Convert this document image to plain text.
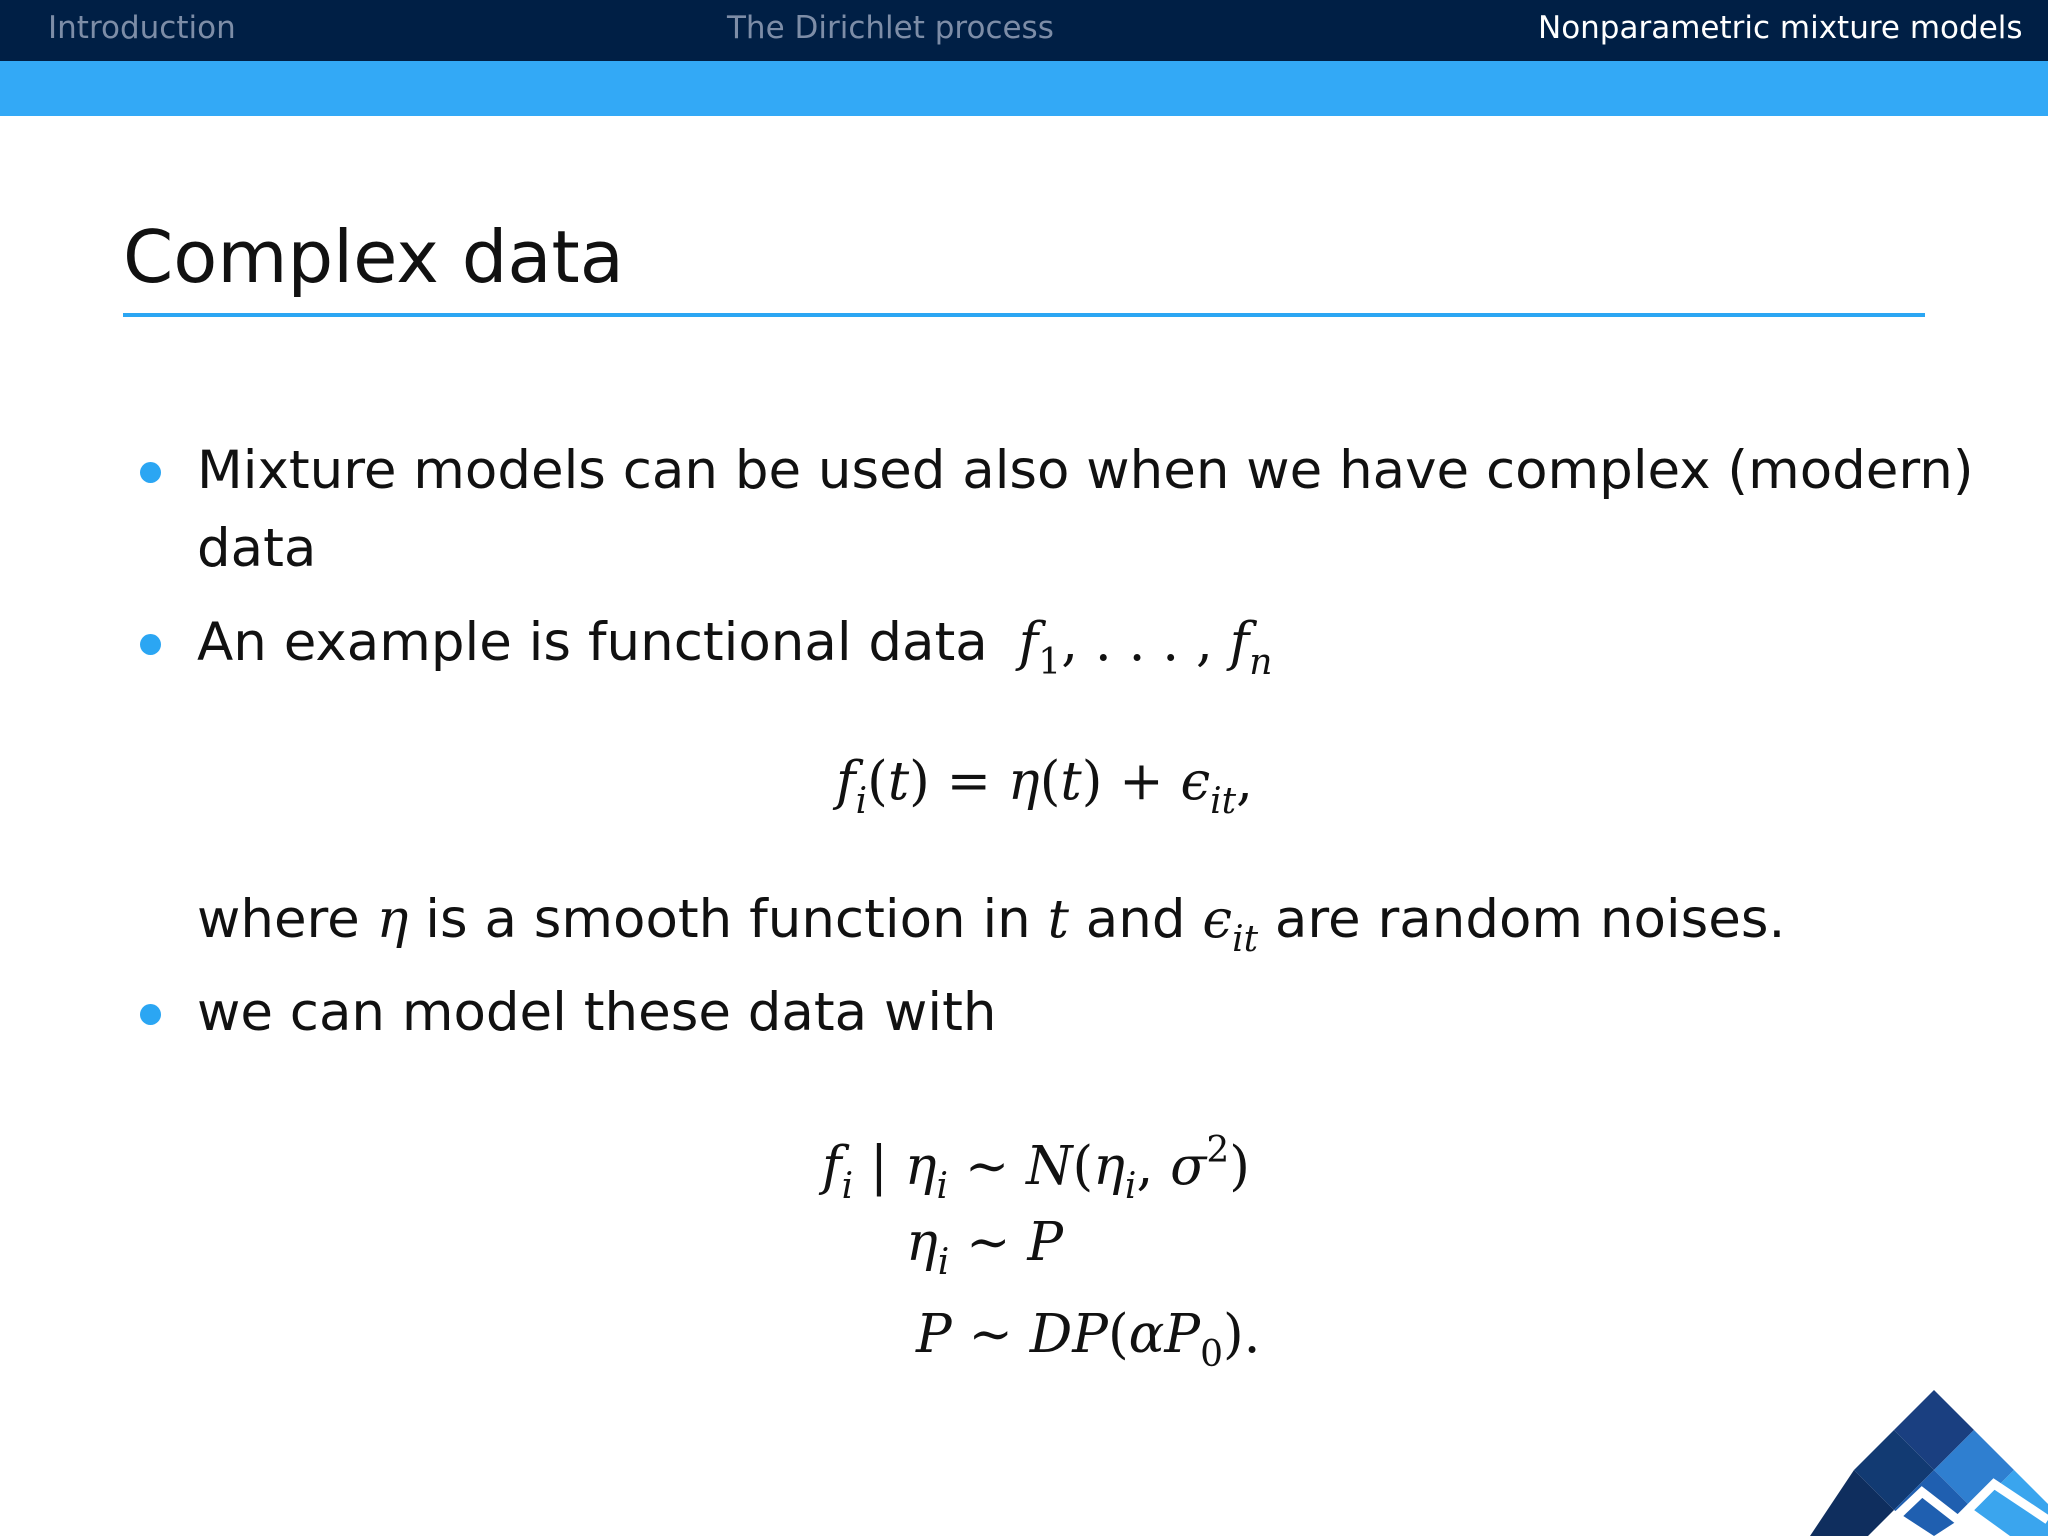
Introduction	The Dirichlet process	Nonparametric mixture models
Complex data
Mixture models can be used also when we have complex (modern)
data
An example is functional data $f_1$, . . . , $f_n$
$f_i(t) = \eta(t) + \epsilon_{it}$,
where η is a smooth function in t and $\epsilon_{it}$ are random noises.
we can model these data with
$f_i$ | $\eta_i$ ∼ $N(\eta_i$, $\sigma^2$)
$\eta_i$ ∼ P
P ∼ $DP(\alpha P_0)$.
